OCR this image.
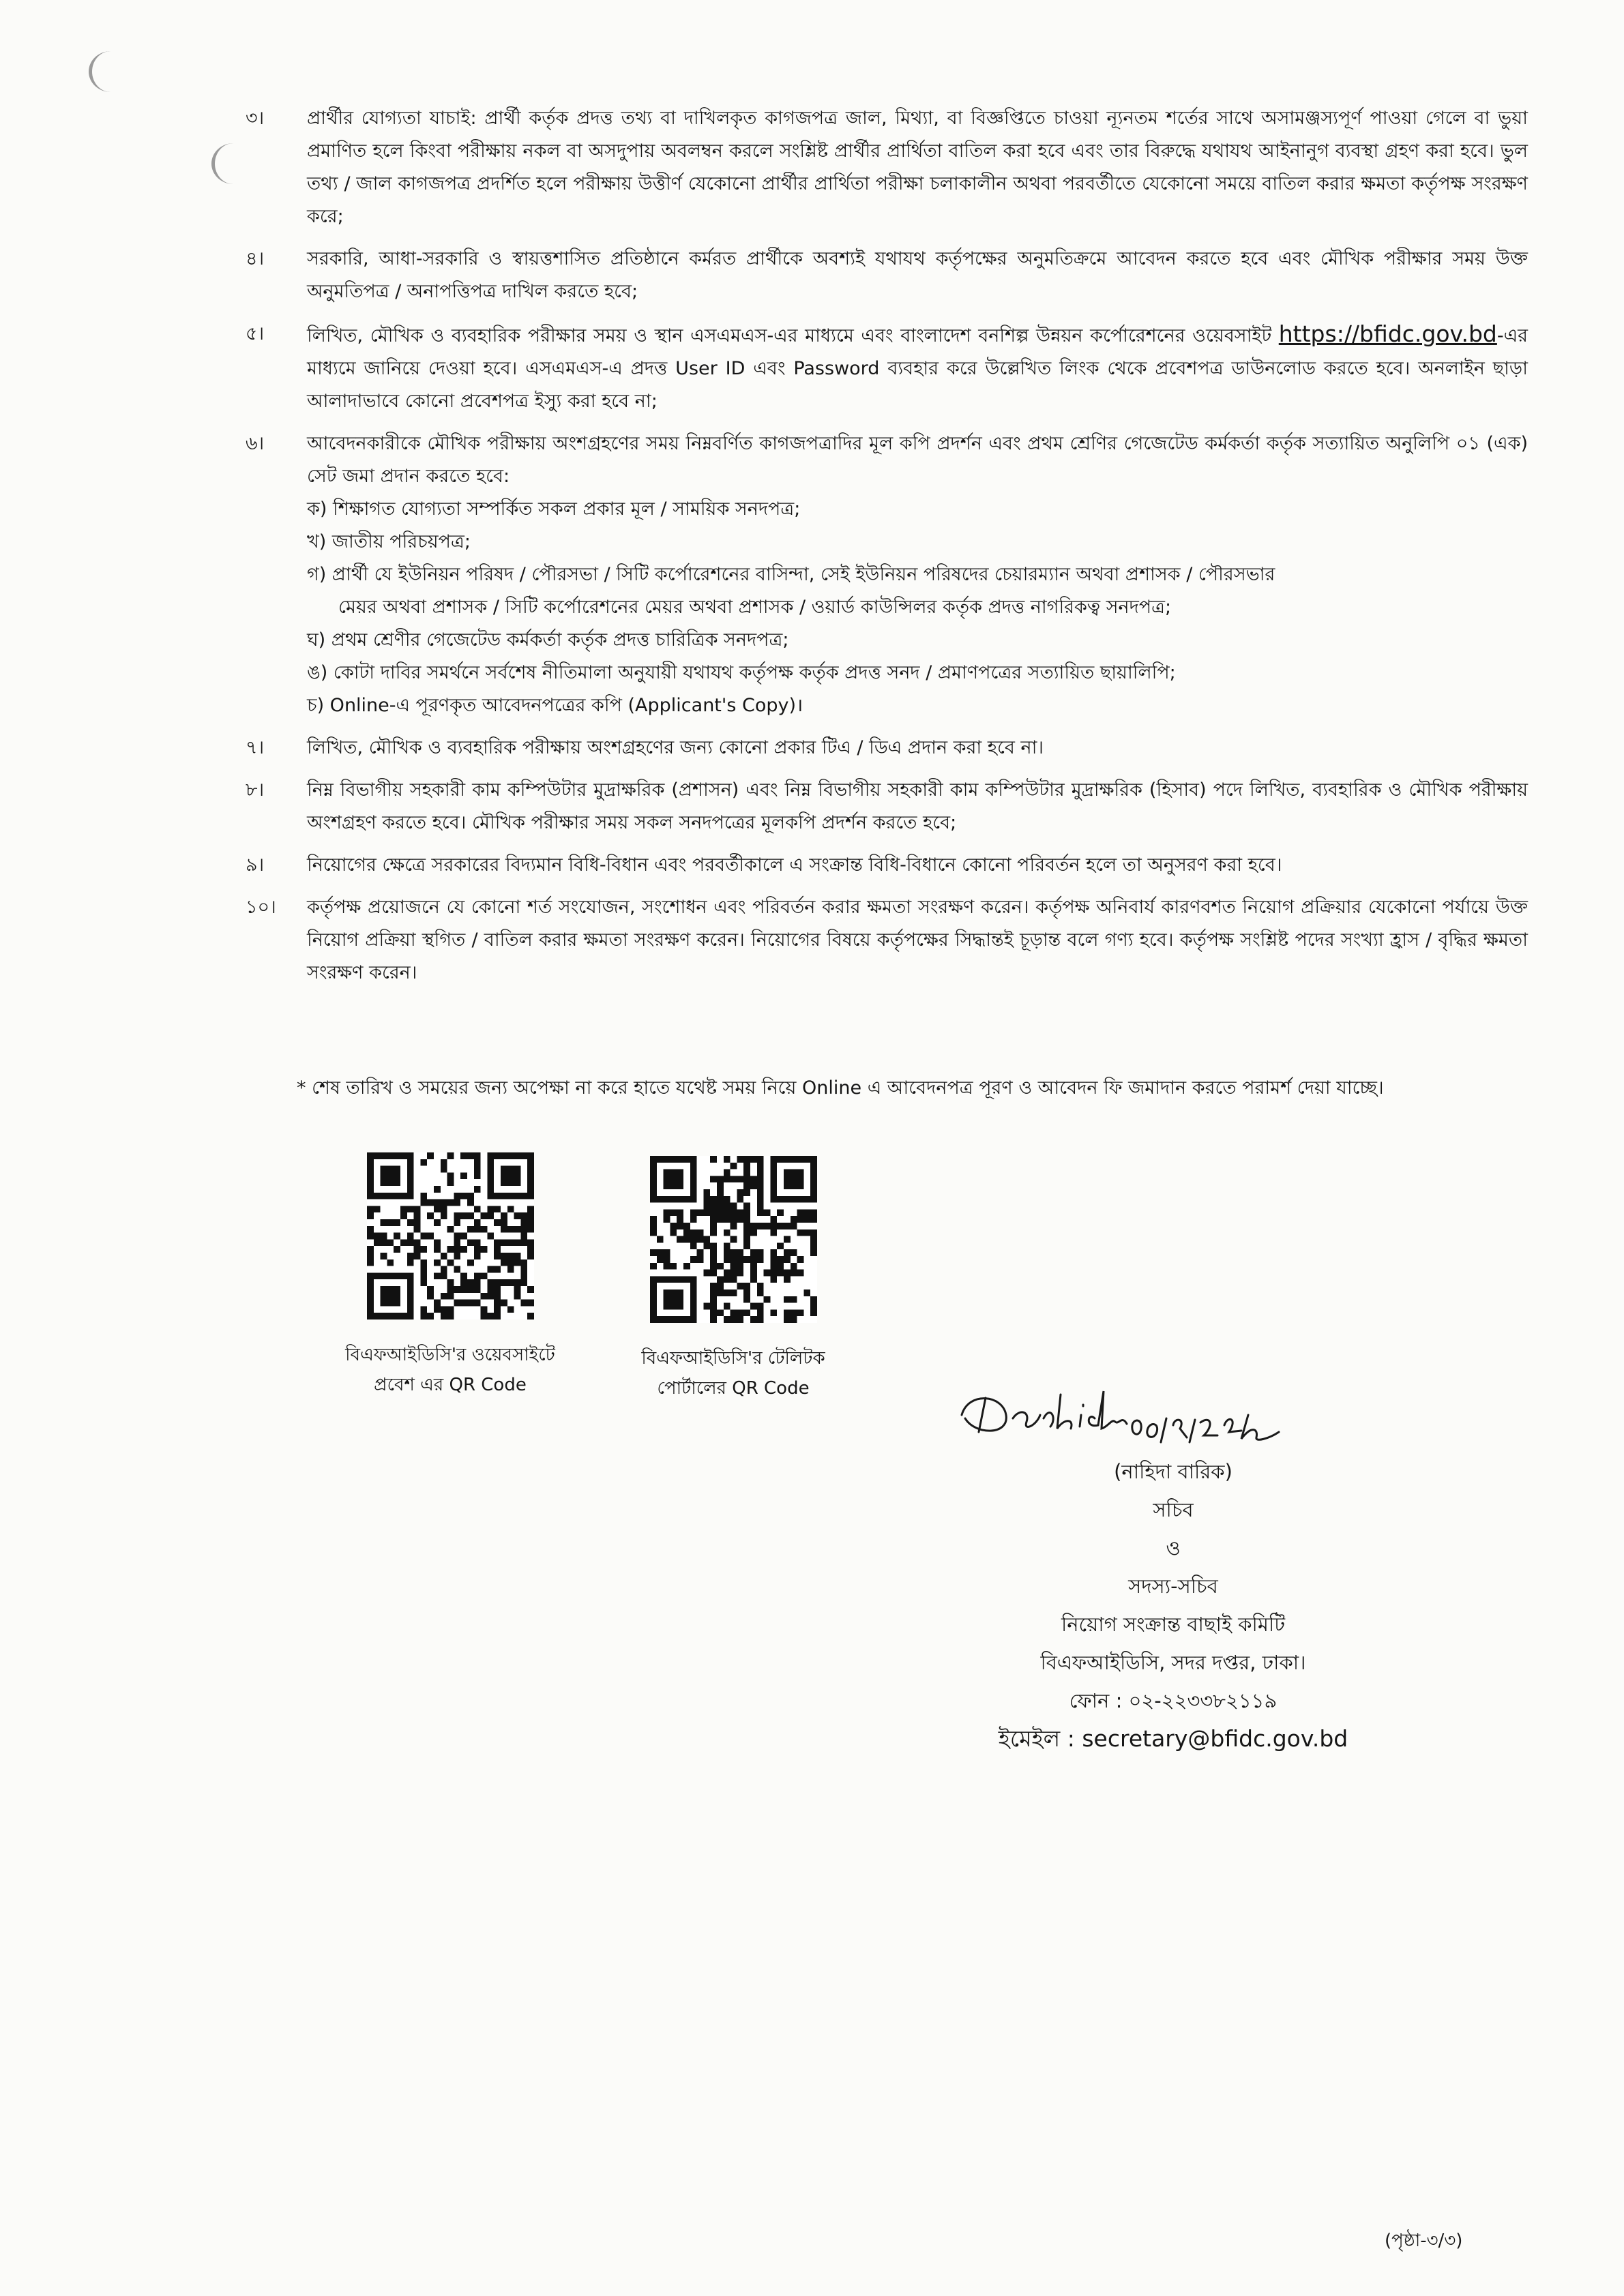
৩।	প্রার্থীর যোগ্যতা যাচাই: প্রার্থী কর্তৃক প্রদত্ত তথ্য বা দাখিলকৃত কাগজপত্র জাল, মিথ্যা, বা বিজ্ঞপ্তিতে চাওয়া ন্যূনতম শর্তের সাথে অসামঞ্জস্যপূর্ণ পাওয়া গেলে বা ভুয়া প্রমাণিত হলে কিংবা পরীক্ষায় নকল বা অসদুপায় অবলম্বন করলে সংশ্লিষ্ট প্রার্থীর প্রার্থিতা বাতিল করা হবে এবং তার বিরুদ্ধে যথাযথ আইনানুগ ব্যবস্থা গ্রহণ করা হবে। ভুল তথ্য / জাল কাগজপত্র প্রদর্শিত হলে পরীক্ষায় উত্তীর্ণ যেকোনো প্রার্থীর প্রার্থিতা পরীক্ষা চলাকালীন অথবা পরবর্তীতে যেকোনো সময়ে বাতিল করার ক্ষমতা কর্তৃপক্ষ সংরক্ষণ করে;
৪।	সরকারি, আধা-সরকারি ও স্বায়ত্তশাসিত প্রতিষ্ঠানে কর্মরত প্রার্থীকে অবশ্যই যথাযথ কর্তৃপক্ষের অনুমতিক্রমে আবেদন করতে হবে এবং মৌখিক পরীক্ষার সময় উক্ত অনুমতিপত্র / অনাপত্তিপত্র দাখিল করতে হবে;
৫।	লিখিত, মৌখিক ও ব্যবহারিক পরীক্ষার সময় ও স্থান এসএমএস-এর মাধ্যমে এবং বাংলাদেশ বনশিল্প উন্নয়ন কর্পোরেশনের ওয়েবসাইট https://bfidc.gov.bd-এর মাধ্যমে জানিয়ে দেওয়া হবে। এসএমএস-এ প্রদত্ত User ID এবং Password ব্যবহার করে উল্লেখিত লিংক থেকে প্রবেশপত্র ডাউনলোড করতে হবে। অনলাইন ছাড়া আলাদাভাবে কোনো প্রবেশপত্র ইস্যু করা হবে না;
৬।	আবেদনকারীকে মৌখিক পরীক্ষায় অংশগ্রহণের সময় নিম্নবর্ণিত কাগজপত্রাদির মূল কপি প্রদর্শন এবং প্রথম শ্রেণির গেজেটেড কর্মকর্তা কর্তৃক সত্যায়িত অনুলিপি ০১ (এক) সেট জমা প্রদান করতে হবে:
ক) শিক্ষাগত যোগ্যতা সম্পর্কিত সকল প্রকার মূল / সাময়িক সনদপত্র;
খ) জাতীয় পরিচয়পত্র;
গ) প্রার্থী যে ইউনিয়ন পরিষদ / পৌরসভা / সিটি কর্পোরেশনের বাসিন্দা, সেই ইউনিয়ন পরিষদের চেয়ারম্যান অথবা প্রশাসক / পৌরসভার
মেয়র অথবা প্রশাসক / সিটি কর্পোরেশনের মেয়র অথবা প্রশাসক / ওয়ার্ড কাউন্সিলর কর্তৃক প্রদত্ত নাগরিকত্ব সনদপত্র;
ঘ) প্রথম শ্রেণীর গেজেটেড কর্মকর্তা কর্তৃক প্রদত্ত চারিত্রিক সনদপত্র;
ঙ) কোটা দাবির সমর্থনে সর্বশেষ নীতিমালা অনুযায়ী যথাযথ কর্তৃপক্ষ কর্তৃক প্রদত্ত সনদ / প্রমাণপত্রের সত্যায়িত ছায়ালিপি;
চ) Online-এ পূরণকৃত আবেদনপত্রের কপি (Applicant's Copy)।
৭।	লিখিত, মৌখিক ও ব্যবহারিক পরীক্ষায় অংশগ্রহণের জন্য কোনো প্রকার টিএ / ডিএ প্রদান করা হবে না।
৮।	নিম্ন বিভাগীয় সহকারী কাম কম্পিউটার মুদ্রাক্ষরিক (প্রশাসন) এবং নিম্ন বিভাগীয় সহকারী কাম কম্পিউটার মুদ্রাক্ষরিক (হিসাব) পদে লিখিত, ব্যবহারিক ও মৌখিক পরীক্ষায় অংশগ্রহণ করতে হবে। মৌখিক পরীক্ষার সময় সকল সনদপত্রের মূলকপি প্রদর্শন করতে হবে;
৯।	নিয়োগের ক্ষেত্রে সরকারের বিদ্যমান বিধি-বিধান এবং পরবর্তীকালে এ সংক্রান্ত বিধি-বিধানে কোনো পরিবর্তন হলে তা অনুসরণ করা হবে।
১০।	কর্তৃপক্ষ প্রয়োজনে যে কোনো শর্ত সংযোজন, সংশোধন এবং পরিবর্তন করার ক্ষমতা সংরক্ষণ করেন। কর্তৃপক্ষ অনিবার্য কারণবশত নিয়োগ প্রক্রিয়ার যেকোনো পর্যায়ে উক্ত নিয়োগ প্রক্রিয়া স্থগিত / বাতিল করার ক্ষমতা সংরক্ষণ করেন। নিয়োগের বিষয়ে কর্তৃপক্ষের সিদ্ধান্তই চূড়ান্ত বলে গণ্য হবে। কর্তৃপক্ষ সংশ্লিষ্ট পদের সংখ্যা হ্রাস / বৃদ্ধির ক্ষমতা সংরক্ষণ করেন।
* শেষ তারিখ ও সময়ের জন্য অপেক্ষা না করে হাতে যথেষ্ট সময় নিয়ে Online এ আবেদনপত্র পূরণ ও আবেদন ফি জমাদান করতে পরামর্শ দেয়া যাচ্ছে।
বিএফআইডিসি'র ওয়েবসাইটে
প্রবেশ এর QR Code
বিএফআইডিসি'র টেলিটক
পোর্টালের QR Code
(নাহিদা বারিক)
সচিব
ও
সদস্য-সচিব
নিয়োগ সংক্রান্ত বাছাই কমিটি
বিএফআইডিসি, সদর দপ্তর, ঢাকা।
ফোন : ০২-২২৩৩৮২১১৯
ইমেইল : secretary@bfidc.gov.bd
(পৃষ্ঠা-৩/৩)
